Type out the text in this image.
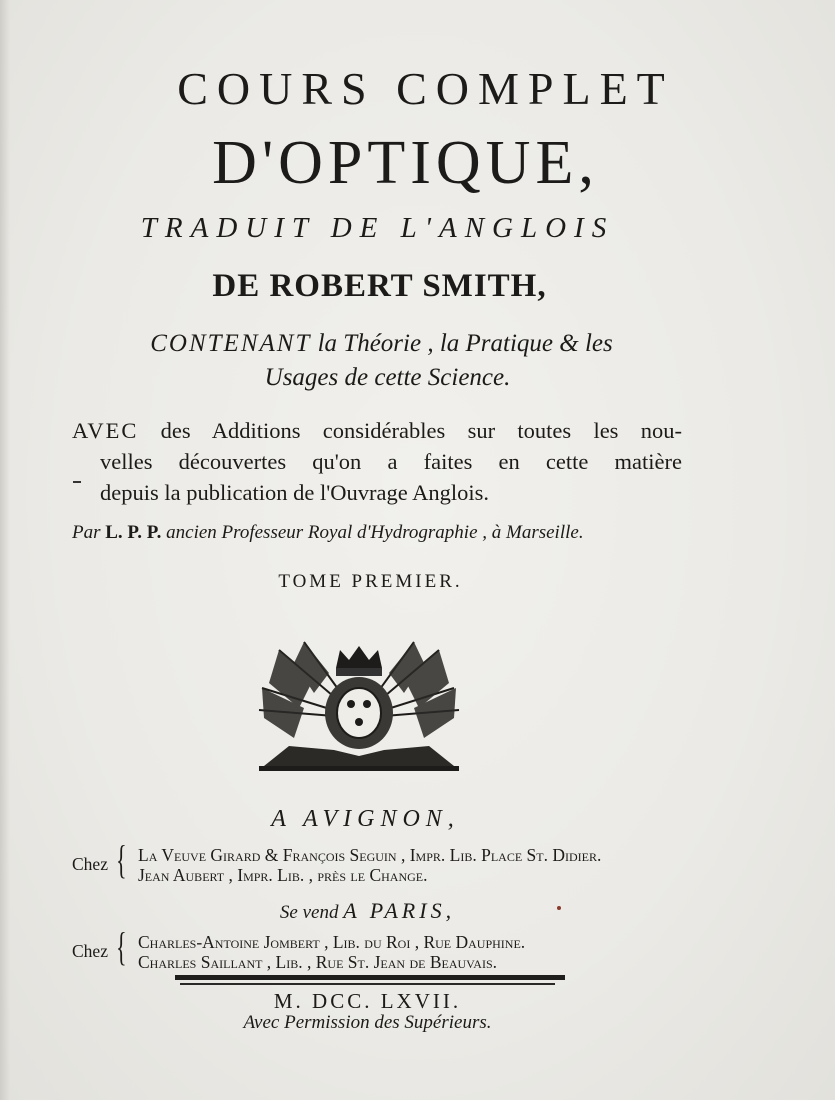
COURS COMPLET
D'OPTIQUE,
TRADUIT DE L'ANGLOIS
DE ROBERT SMITH,
CONTENANT la Théorie , la Pratique & les
Usages de cette Science.
AVEC des Additions considérables sur toutes les nou-
velles découvertes qu'on a faites en cette matière
depuis la publication de l'Ouvrage Anglois.
Par L. P. P. ancien Professeur Royal d'Hydrographie , à Marseille.
TOME PREMIER.
A AVIGNON,
Chez { La Veuve Girard & François Seguin , Impr. Lib. Place St. Didier.
Jean Aubert , Impr. Lib. , près le Change.
Se vend A PARIS,
Chez { Charles-Antoine Jombert , Lib. du Roi , Rue Dauphine.
Charles Saillant , Lib. , Rue St. Jean de Beauvais.
M. DCC. LXVII.
Avec Permission des Supérieurs.
